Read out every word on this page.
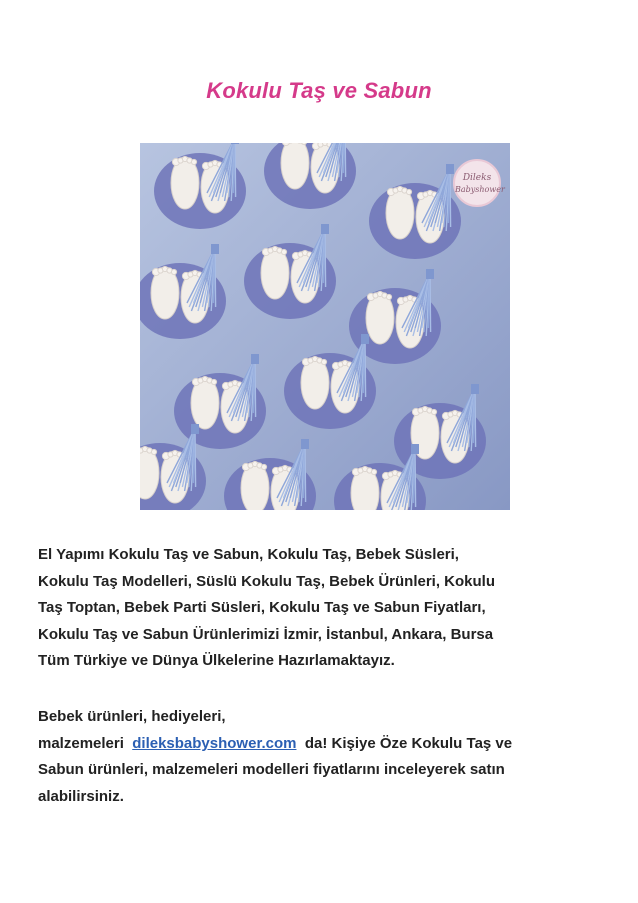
Kokulu Taş ve Sabun
Dileks
Babyshower
El Yapımı Kokulu Taş ve Sabun, Kokulu Taş, Bebek Süsleri,
Kokulu Taş Modelleri, Süslü Kokulu Taş, Bebek Ürünleri, Kokulu
Taş Toptan, Bebek Parti Süsleri, Kokulu Taş ve Sabun Fiyatları,
Kokulu Taş ve Sabun Ürünlerimizi İzmir, İstanbul, Ankara, Bursa
Tüm Türkiye ve Dünya Ülkelerine Hazırlamaktayız.
Bebek ürünleri, hediyeleri,
malzemeleri dileksbabyshower.com da! Kişiye Öze Kokulu Taş ve
Sabun ürünleri, malzemeleri modelleri fiyatlarını inceleyerek satın
alabilirsiniz.
